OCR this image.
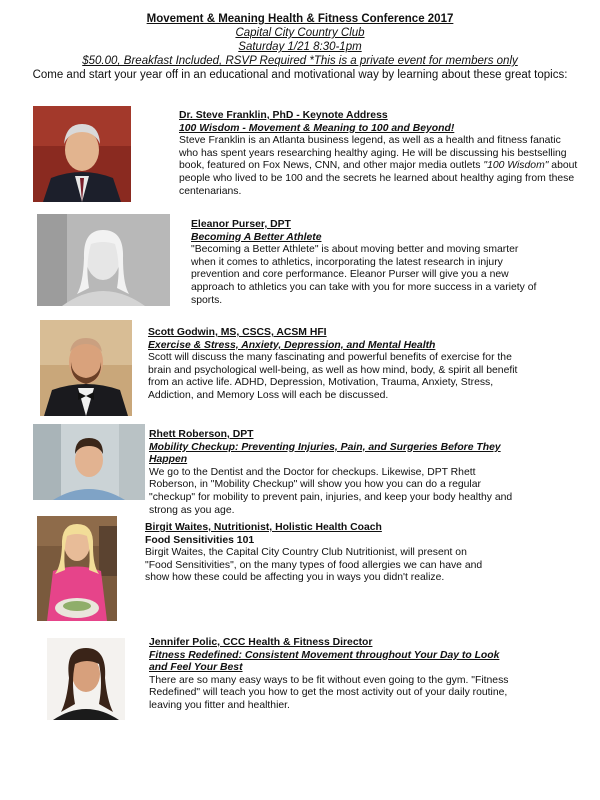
Movement & Meaning Health & Fitness Conference 2017
Capital City Country Club
Saturday 1/21 8:30-1pm
$50.00, Breakfast Included, RSVP Required *This is a private event for members only

Come and start your year off in an educational and motivational way by learning about these great topics:
Dr. Steve Franklin, PhD - Keynote Address
100 Wisdom - Movement & Meaning to 100 and Beyond!
Steve Franklin is an Atlanta business legend, as well as a health and fitness fanatic who has spent years researching healthy aging. He will be discussing his bestselling book, featured on Fox News, CNN, and other major media outlets "100 Wisdom" about people who lived to be 100 and the secrets he learned about healthy aging from these centenarians.
Eleanor Purser, DPT
Becoming A Better Athlete
"Becoming a Better Athlete" is about moving better and moving smarter when it comes to athletics, incorporating the latest research in injury prevention and core performance. Eleanor Purser will give you a new approach to athletics you can take with you for more success in a variety of sports.
Scott Godwin, MS, CSCS, ACSM HFI
Exercise & Stress, Anxiety, Depression, and Mental Health
Scott will discuss the many fascinating and powerful benefits of exercise for the brain and psychological well-being, as well as how mind, body, & spirit all benefit from an active life. ADHD, Depression, Motivation, Trauma, Anxiety, Stress, Addiction, and Memory Loss will each be discussed.
Rhett Roberson, DPT
Mobility Checkup: Preventing Injuries, Pain, and Surgeries Before They Happen
We go to the Dentist and the Doctor for checkups. Likewise, DPT Rhett Roberson, in "Mobility Checkup" will show you how you can do a regular "checkup" for mobility to prevent pain, injuries, and keep your body healthy and strong as you age.
Birgit Waites, Nutritionist, Holistic Health Coach
Food Sensitivities 101
Birgit Waites, the Capital City Country Club Nutritionist, will present on "Food Sensitivities", on the many types of food allergies we can have and show how these could be affecting you in ways you didn't realize.
Jennifer Polic, CCC Health & Fitness Director
Fitness Redefined: Consistent Movement throughout Your Day to Look and Feel Your Best
There are so many easy ways to be fit without even going to the gym. "Fitness Redefined" will teach you how to get the most activity out of your daily routine, leaving you fitter and healthier.
